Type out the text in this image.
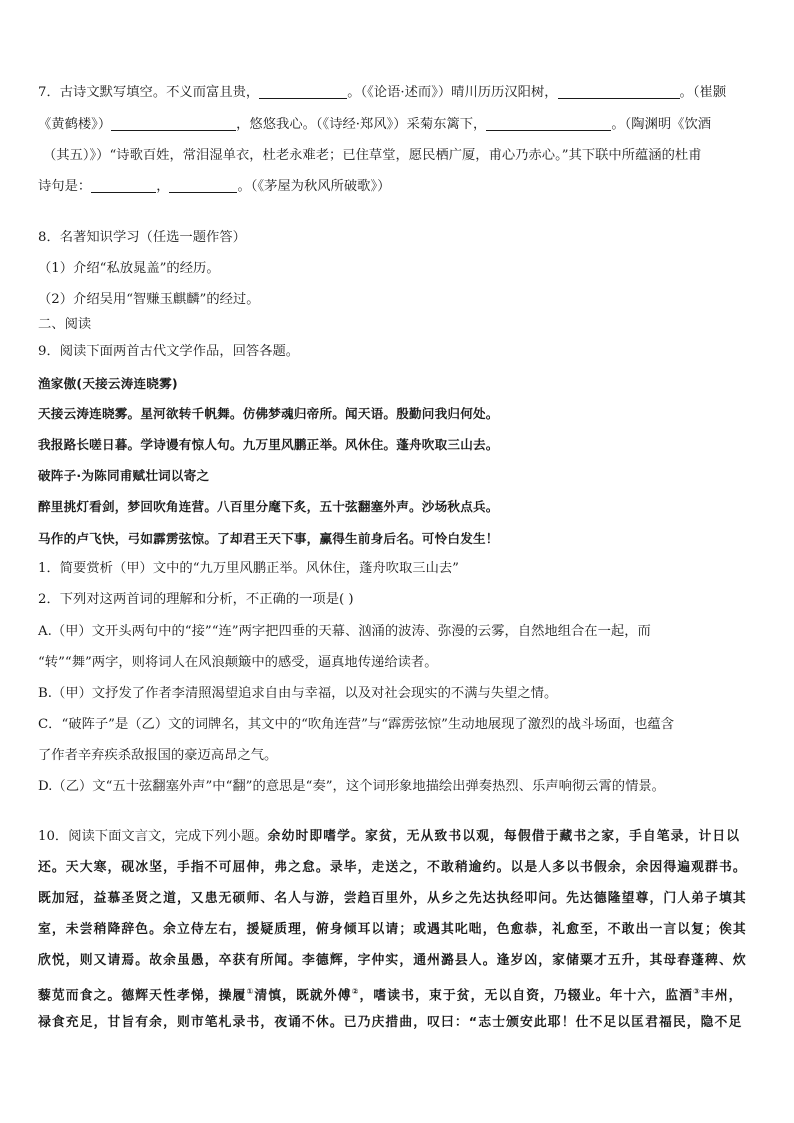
7．古诗文默写填空。不义而富且贵，	。（《论语·述而》）晴川历历汉阳树，	。（崔颢
《黄鹤楼》）	，悠悠我心。（《诗经·郑风》）采菊东篱下，	。（陶渊明《饮酒
（其五）》）“诗歌百姓，常泪湿单衣，杜老永难老；已住草堂，愿民栖广厦，甫心乃赤心。”其下联中所蕴涵的杜甫
诗句是：	，	。（《茅屋为秋风所破歌》）
8．名著知识学习（任选一题作答）
（1）介绍“私放晁盖”的经历。
（2）介绍吴用“智赚玉麒麟”的经过。
二、阅读
9．阅读下面两首古代文学作品，回答各题。
渔家傲(天接云涛连晓雾)
天接云涛连晓雾。星河欲转千帆舞。仿佛梦魂归帝所。闻天语。殷勤问我归何处。
我报路长嗟日暮。学诗谩有惊人句。九万里风鹏正举。风休住。蓬舟吹取三山去。
破阵子·为陈同甫赋壮词以寄之
醉里挑灯看剑，梦回吹角连营。八百里分麾下炙，五十弦翻塞外声。沙场秋点兵。
马作的卢飞快，弓如霹雳弦惊。了却君王天下事，赢得生前身后名。可怜白发生！
1．简要赏析（甲）文中的“九万里风鹏正举。风休住，蓬舟吹取三山去”
2．下列对这两首词的理解和分析，不正确的一项是( )
A.（甲）文开头两句中的“接”“连”两字把四垂的天幕、汹涌的波涛、弥漫的云雾，自然地组合在一起，而
“转”“舞”两字，则将词人在风浪颠簸中的感受，逼真地传递给读者。
B.（甲）文抒发了作者李清照渴望追求自由与幸福，以及对社会现实的不满与失望之情。
C．“破阵子”是（乙）文的词牌名，其文中的“吹角连营”与“霹雳弦惊”生动地展现了激烈的战斗场面，也蕴含
了作者辛弃疾杀敌报国的豪迈高昂之气。
D.（乙）文“五十弦翻塞外声”中“翻”的意思是“奏”，这个词形象地描绘出弹奏热烈、乐声响彻云霄的情景。
10．阅读下面文言文，完成下列小题。余幼时即嗜学。家贫，无从致书以观，每假借于藏书之家，手自笔录，计日以
还。天大寒，砚冰坚，手指不可屈伸，弗之怠。录毕，走送之，不敢稍逾约。以是人多以书假余，余因得遍观群书。
既加冠，益慕圣贤之道，又患无硕师、名人与游，尝趋百里外，从乡之先达执经叩问。先达德隆望尊，门人弟子填其
室，未尝稍降辞色。余立侍左右，援疑质理，俯身倾耳以请；或遇其叱咄，色愈恭，礼愈至，不敢出一言以复；俟其
欣悦，则又请焉。故余虽愚，卒获有所闻。李德辉，字仲实，通州潞县人。逢岁凶，家储粟才五升，其母舂蓬稗、炊
藜苋而食之。德辉天性孝悌，操履①清慎，既就外傅②，嗜读书，束于贫，无以自资，乃辍业。年十六，监酒③丰州，
禄食充足，甘旨有余，则市笔札录书，夜诵不休。已乃庆措曲，叹曰：“志士颁安此耶！仕不足以匡君福民，隐不足
